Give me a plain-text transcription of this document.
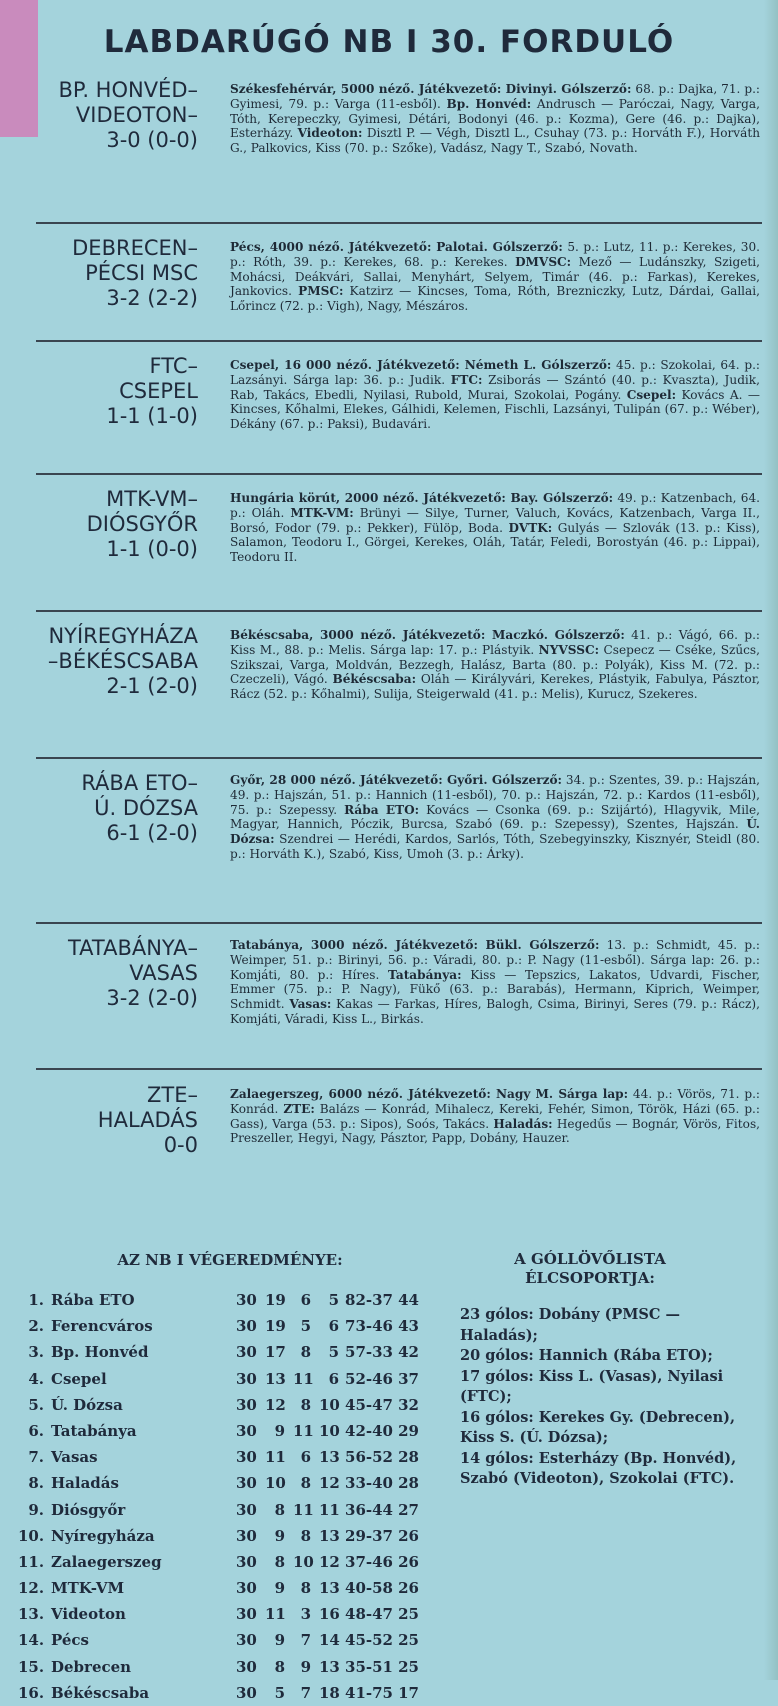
LABDARÚGÓ NB I 30. FORDULÓ
BP. HONVÉD–
VIDEOTON–
3-0 (0-0)

Székesfehérvár, 5000 néző. Játékvezető: Divinyi. Gólszerző: 68. p.: Dajka, 71. p.: Gyimesi, 79. p.: Varga (11-esből). Bp. Honvéd: Andrusch — Paróczai, Nagy, Varga, Tóth, Kerepeczky, Gyimesi, Détári, Bodonyi (46. p.: Kozma), Gere (46. p.: Dajka), Esterházy. Videoton: Disztl P. — Végh, Disztl L., Csuhay (73. p.: Horváth F.), Horváth G., Palkovics, Kiss (70. p.: Szőke), Vadász, Nagy T., Szabó, Novath.

DEBRECEN–
PÉCSI MSC
3-2 (2-2)

Pécs, 4000 néző. Játékvezető: Palotai. Gólszerző: 5. p.: Lutz, 11. p.: Kerekes, 30. p.: Róth, 39. p.: Kerekes, 68. p.: Kerekes. DMVSC: Mező — Ludánszky, Szigeti, Mohácsi, Deákvári, Sallai, Menyhárt, Selyem, Timár (46. p.: Farkas), Kerekes, Jankovics. PMSC: Katzirz — Kincses, Toma, Róth, Brezniczky, Lutz, Dárdai, Gallai, Lőrincz (72. p.: Vigh), Nagy, Mészáros.

FTC–
CSEPEL
1-1 (1-0)

Csepel, 16 000 néző. Játékvezető: Németh L. Gólszerző: 45. p.: Szokolai, 64. p.: Lazsányi. Sárga lap: 36. p.: Judik. FTC: Zsiborás — Szántó (40. p.: Kvaszta), Judik, Rab, Takács, Ebedli, Nyilasi, Rubold, Murai, Szokolai, Pogány. Csepel: Kovács A. — Kincses, Kőhalmi, Elekes, Gálhidi, Kelemen, Fischli, Lazsányi, Tulipán (67. p.: Wéber), Dékány (67. p.: Paksi), Budavári.

MTK-VM–
DIÓSGYŐR
1-1 (0-0)

Hungária körút, 2000 néző. Játékvezető: Bay. Gólszerző: 49. p.: Katzenbach, 64. p.: Oláh. MTK-VM: Brünyi — Silye, Turner, Valuch, Kovács, Katzenbach, Varga II., Borsó, Fodor (79. p.: Pekker), Fülöp, Boda. DVTK: Gulyás — Szlovák (13. p.: Kiss), Salamon, Teodoru I., Görgei, Kerekes, Oláh, Tatár, Feledi, Borostyán (46. p.: Lippai), Teodoru II.

NYÍREGYHÁZA
–BÉKÉSCSABA
2-1 (2-0)

Békéscsaba, 3000 néző. Játékvezető: Maczkó. Gólszerző: 41. p.: Vágó, 66. p.: Kiss M., 88. p.: Melis. Sárga lap: 17. p.: Plástyik. NYVSSC: Csepecz — Cséke, Szűcs, Szikszai, Varga, Moldván, Bezzegh, Halász, Barta (80. p.: Polyák), Kiss M. (72. p.: Czeczeli), Vágó. Békéscsaba: Oláh — Királyvári, Kerekes, Plástyik, Fabulya, Pásztor, Rácz (52. p.: Kőhalmi), Sulija, Steigerwald (41. p.: Melis), Kurucz, Szekeres.

RÁBA ETO–
Ú. DÓZSA
6-1 (2-0)

Győr, 28 000 néző. Játékvezető: Győri. Gólszerző: 34. p.: Szentes, 39. p.: Hajszán, 49. p.: Hajszán, 51. p.: Hannich (11-esből), 70. p.: Hajszán, 72. p.: Kardos (11-esből), 75. p.: Szepessy. Rába ETO: Kovács — Csonka (69. p.: Szijártó), Hlagyvik, Mile, Magyar, Hannich, Póczik, Burcsa, Szabó (69. p.: Szepessy), Szentes, Hajszán. Ú. Dózsa: Szendrei — Herédi, Kardos, Sarlós, Tóth, Szebegyinszky, Kisznyér, Steidl (80. p.: Horváth K.), Szabó, Kiss, Umoh (3. p.: Árky).

TATABÁNYA–
VASAS
3-2 (2-0)

Tatabánya, 3000 néző. Játékvezető: Bükl. Gólszerző: 13. p.: Schmidt, 45. p.: Weimper, 51. p.: Birinyi, 56. p.: Váradi, 80. p.: P. Nagy (11-esből). Sárga lap: 26. p.: Komjáti, 80. p.: Híres. Tatabánya: Kiss — Tepszics, Lakatos, Udvardi, Fischer, Emmer (75. p.: P. Nagy), Fükő (63. p.: Barabás), Hermann, Kiprich, Weimper, Schmidt. Vasas: Kakas — Farkas, Híres, Balogh, Csima, Birinyi, Seres (79. p.: Rácz), Komjáti, Váradi, Kiss L., Birkás.

ZTE–
HALADÁS
0-0

Zalaegerszeg, 6000 néző. Játékvezető: Nagy M. Sárga lap: 44. p.: Vörös, 71. p.: Konrád. ZTE: Balázs — Konrád, Mihalecz, Kereki, Fehér, Simon, Török, Házi (65. p.: Gass), Varga (53. p.: Sipos), Soós, Takács. Haladás: Hegedűs — Bognár, Vörös, Fitos, Preszeller, Hegyi, Nagy, Pásztor, Papp, Dobány, Hauzer.

AZ NB I VÉGEREDMÉNYE:
1. Rába ETO	30 19 6	5 82-37 44
2. Ferencváros	30 19 5	6 73-46 43
3. Bp. Honvéd	30 17 8	5 57-33 42
4. Csepel	30 13 11 6 52-46 37
5. Ú. Dózsa	30 12 8 10 45-47 32
6. Tatabánya	30	9 11 10 42-40 29
7. Vasas	30 11 6 13 56-52 28
8. Haladás	30 10 8 12 33-40 28
9. Diósgyőr	30	8 11 11 36-44 27
10. Nyíregyháza	30	9	8 13 29-37 26
11. Zalaegerszeg	30	8 10 12 37-46 26
12. MTK-VM	30	9	8 13 40-58 26
13. Videoton	30 11 3 16 48-47 25
14. Pécs	30	9	7 14 45-52 25
15. Debrecen	30	8	9 13 35-51 25
16. Békéscsaba	30	5	7 18 41-75 17
A GÓLLÖVŐLISTA ÉLCSOPORTJA:

23 gólos: Dobány (PMSC — Haladás);

20 gólos: Hannich (Rába ETO);

17 gólos: Kiss L. (Vasas), Nyilasi (FTC);

16 gólos: Kerekes Gy. (Debrecen), Kiss S. (Ú. Dózsa);

14 gólos: Esterházy (Bp. Honvéd), Szabó (Videoton), Szokolai (FTC).
